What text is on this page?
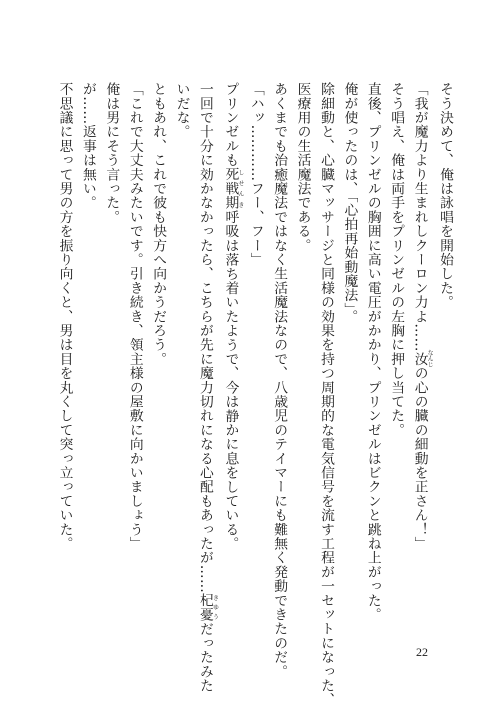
そう決めて、俺は詠唱を開始した。
「我が魔力より生まれしクーロン力よ……汝なんじの心の臓の細動を正さん！」
そう唱え、俺は両手をプリンゼルの左胸に押し当てた。
直後、プリンゼルの胸囲に高い電圧がかかり、プリンゼルはビクンと跳ね上がった。
俺が使ったのは、「心拍再始動魔法」。
除細動と、心臓マッサージと同様の効果を持つ周期的な電気信号を流す工程が一セットになった、
医療用の生活魔法である。
あくまでも治癒魔法ではなく生活魔法なので、八歳児のテイマーにも難無く発動できたのだ。
「ハッ…………フー、フー」
プリンゼルも死戦期しせんき呼吸は落ち着いたようで、今は静かに息をしている。
一回で十分に効かなかったら、こちらが先に魔力切れになる心配もあったが……杞憂きゆうだったみた
いだな。
ともあれ、これで彼も快方へ向かうだろう。
「これで大丈夫みたいです。引き続き、領主様の屋敷に向かいましょう」
俺は男にそう言った。
が……返事は無い。
不思議に思って男の方を振り向くと、男は目を丸くして突っ立っていた。
22
